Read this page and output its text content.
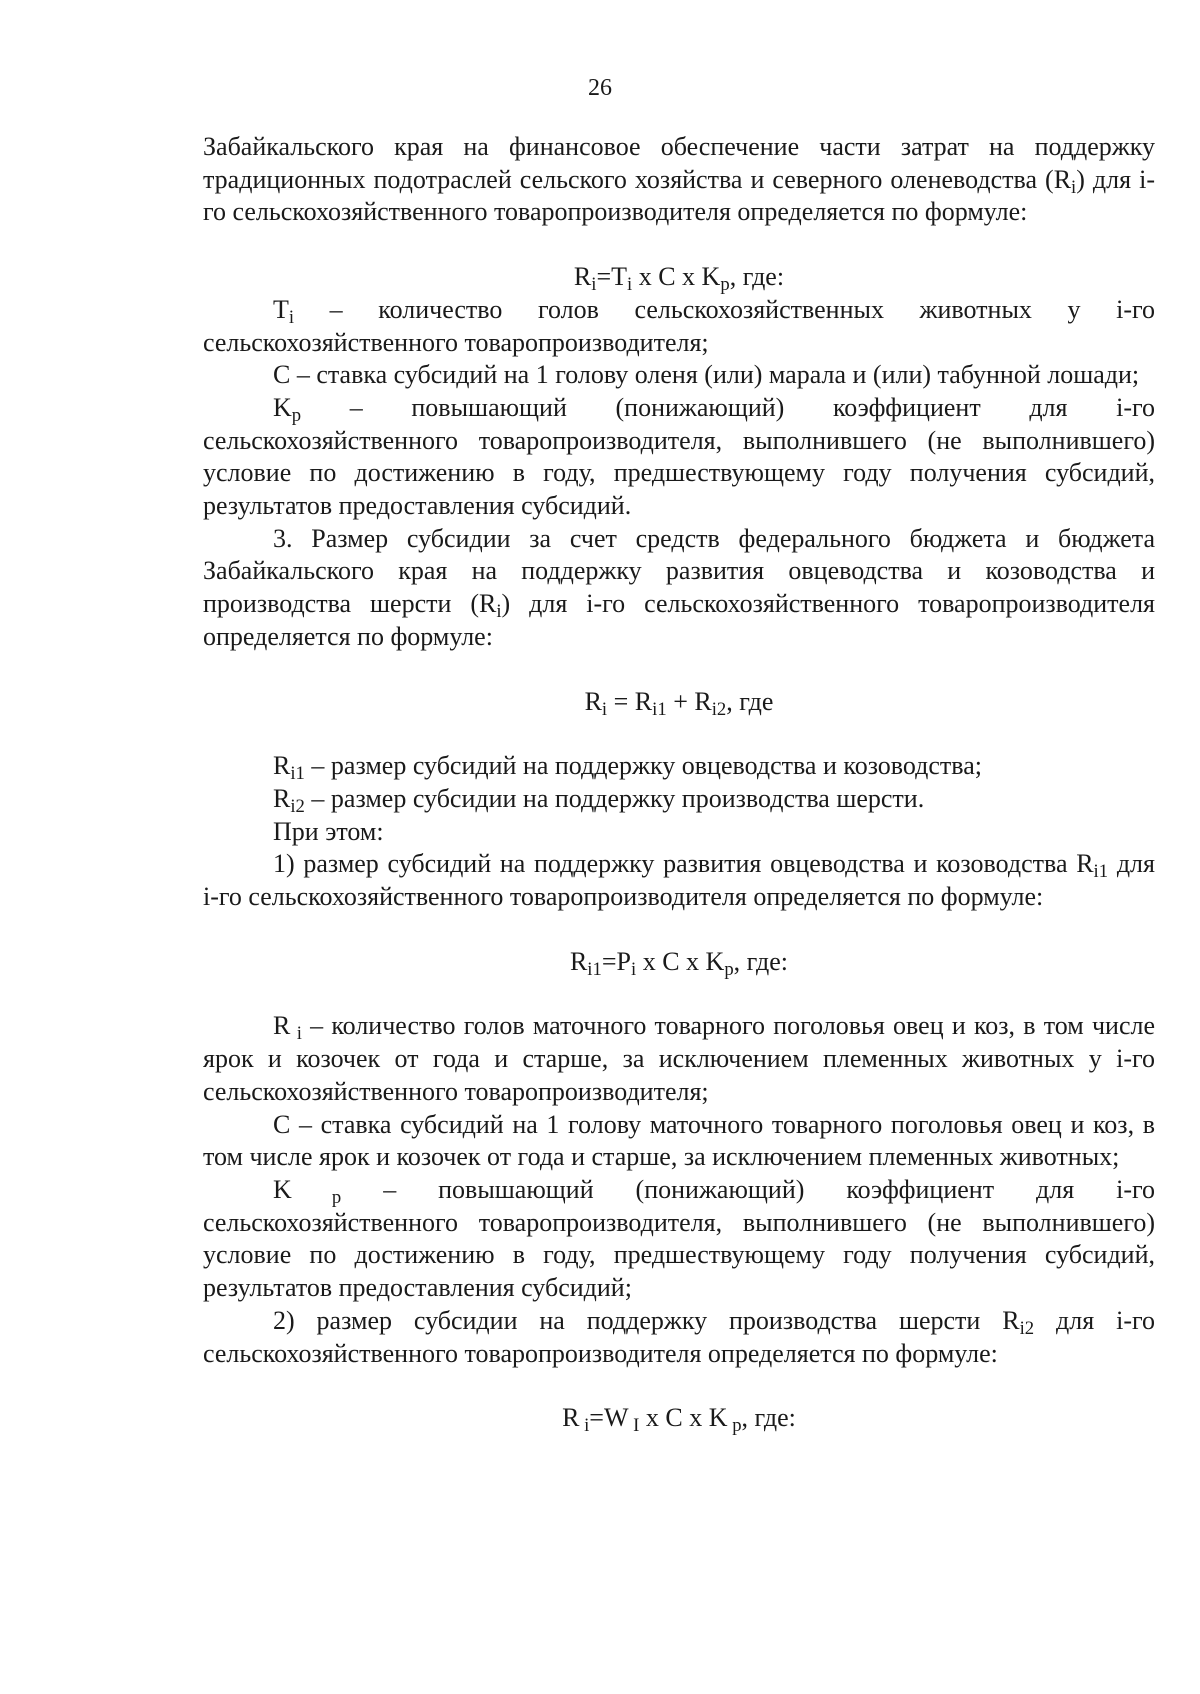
26

Забайкальского края на финансовое обеспечение части затрат на поддержку традиционных подотраслей сельского хозяйства и северного оленеводства $(R_i)$ для i-го сельскохозяйственного товаропроизводителя определяется по формуле:

$R_i=T_i$ x C x $K_p$, где:

$T_i$ – количество голов сельскохозяйственных животных у i-го сельскохозяйственного товаропроизводителя;

C – ставка субсидий на 1 голову оленя (или) марала и (или) табунной лошади;

$K_p$ – повышающий (понижающий) коэффициент для i-го сельскохозяйственного товаропроизводителя, выполнившего (не выполнившего) условие по достижению в году, предшествующему году получения субсидий, результатов предоставления субсидий.

3. Размер субсидии за счет средств федерального бюджета и бюджета Забайкальского края на поддержку развития овцеводства и козоводства и производства шерсти $(R_i)$ для i-го сельскохозяйственного товаропроизводителя определяется по формуле:

$R_i = R_{i1} + R_{i2}$, где

$R_{i1}$ – размер субсидий на поддержку овцеводства и козоводства;

$R_{i2}$ – размер субсидии на поддержку производства шерсти.

При этом:

1) размер субсидий на поддержку развития овцеводства и козоводства $R_{i1}$ для i-го сельскохозяйственного товаропроизводителя определяется по формуле:

$R_{i1}=P_i$ x C x $K_p$, где:

R $_i$ – количество голов маточного товарного поголовья овец и коз, в том числе ярок и козочек от года и старше, за исключением племенных животных у i-го сельскохозяйственного товаропроизводителя;

C – ставка субсидий на 1 голову маточного товарного поголовья овец и коз, в том числе ярок и козочек от года и старше, за исключением племенных животных;

K $_p$ – повышающий (понижающий) коэффициент для i-го сельскохозяйственного товаропроизводителя, выполнившего (не выполнившего) условие по достижению в году, предшествующему году получения субсидий, результатов предоставления субсидий;

2) размер субсидии на поддержку производства шерсти $R_{i2}$ для i-го сельскохозяйственного товаропроизводителя определяется по формуле:

R $_i$=W $_I$ x C x K $_p$, где:
